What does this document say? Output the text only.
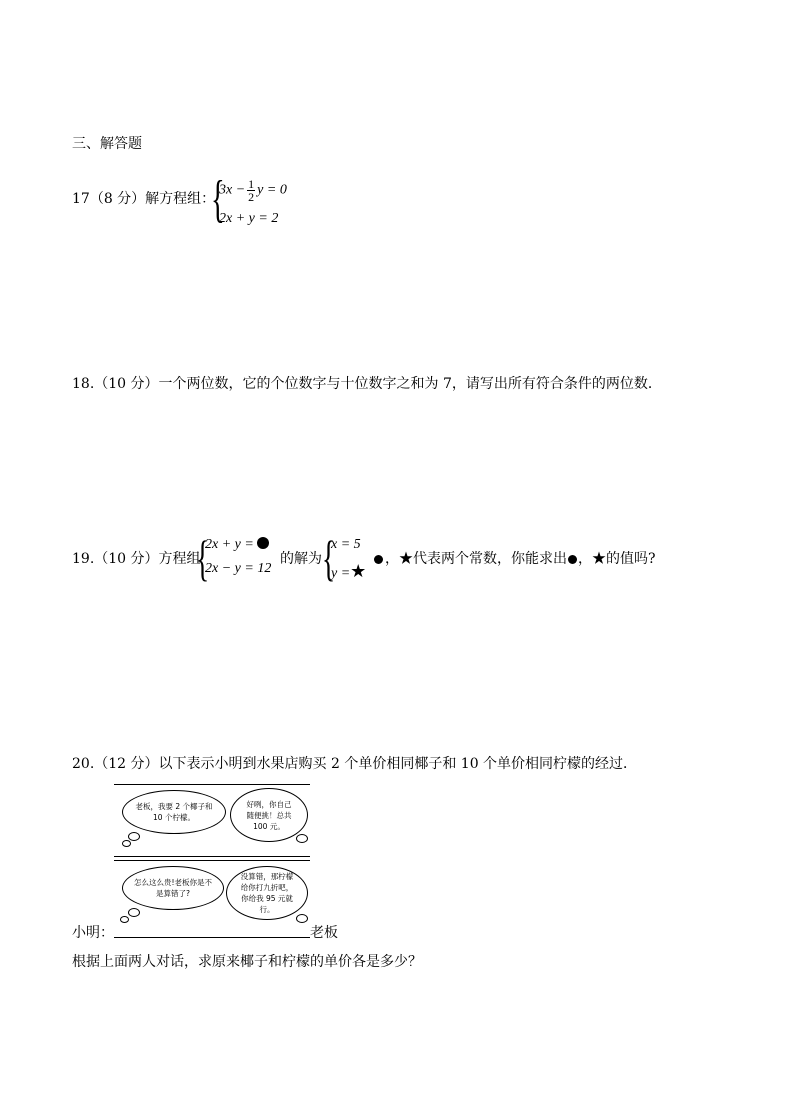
三、解答题
17（8 分）解方程组：
{
$3x - \frac{1}{2}$ y = 0
2x + y = 2
18.（10 分）一个两位数，它的个位数字与十位数字之和为 7，请写出所有符合条件的两位数．
19.（10 分）方程组
{
2x + y =
2x − y = 12
的解为 {
x = 5
y =★
，★代表两个常数，你能求出 ，★的值吗?
20.（12 分）以下表示小明到水果店购买 2 个单价相同椰子和 10 个单价相同柠檬的经过．
老板，我要 2 个椰子和 10 个柠檬。
好咧，你自己随便挑！总共 100 元。
怎么这么贵!老板你是不是算错了?
没算错，那柠檬给你打九折吧，你给我 95 元就行。
小明：	老板
根据上面两人对话，求原来椰子和柠檬的单价各是多少？
